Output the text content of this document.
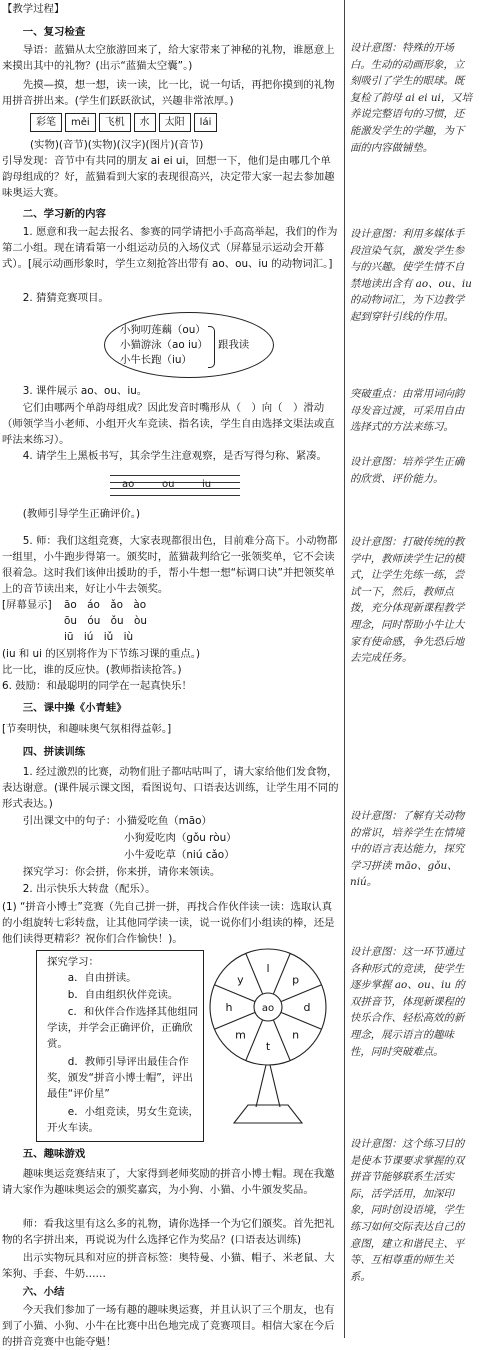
【教学过程】
一、复习检查
导语：蓝猫从太空旅游回来了，给大家带来了神秘的礼物，谁愿意上来摸出其中的礼物？(出示“蓝猫太空囊”。)
先摸—摸，想一想，读一读，比一比，说一句话，再把你摸到的礼物用拼音拼出来。(学生们跃跃欲试，兴趣非常浓厚。)
彩笔	měi	飞机	水	太阳	lái
(实物)(音节)(实物)(汉字)(图片)(音节)
引导发现：音节中有共同的朋友 ai ei ui，回想一下，他们是由哪几个单韵母组成的？好，蓝猫看到大家的表现很高兴，决定带大家一起去参加趣味奥运大赛。
二、学习新的内容
1. 愿意和我一起去报名、参赛的同学请把小手高高举起，我们的作为第二小组。现在请看第一小组运动员的入场仪式（屏幕显示运动会开幕式）。[展示动画形象时，学生立刻抢答出带有 ao、ou、iu 的动物词汇。]
2. 猜猜竞赛项目。
小狗叨莲藕（ou）
小猫游泳（ao iu）
小牛长跑（iu）
跟我读
3. 课件展示 ao、ou、iu。
它们由哪两个单韵母组成？因此发音时嘴形从（　）向（　）滑动（师领学当小老师、小组开火车竞读、指名读，学生自由选择文渠法或直呼法来练习）。
4. 请学生上黑板书写，其余学生注意观察，是否写得匀称、紧凑。
ao	ou	iu
(教师引导学生正确评价。)
5. 师：我们这组竞赛，大家表现都很出色，目前难分高下。小动物都一组里，小牛跑步得第一。颁奖时，蓝猫裁判给它一张领奖单，它不会读很着急。这时我们该伸出援助的手，帮小牛想一想“标调口诀”并把领奖单上的音节读出来，好让小牛去领奖。
[屏幕显示]	āo　áo　ǎo　ào
ōu　óu　ǒu　òu
iū　iú　iǔ　iù
(iu 和 ui 的区别将作为下节练习课的重点。)
比一比，谁的反应快。(教师指读抢答。)
6. 鼓励：和最聪明的同学在一起真快乐！
三、课中操《小青蛙》
[节奏明快，和趣味奥气氛相得益彰。]
四、拼读训练
1. 经过激烈的比赛，动物们肚子都咕咕叫了，请大家给他们发食物，表达谢意。(课件展示课文图，看图说句、口语表达训练，让学生用不同的形式表达。)
引出课文中的句子：小猫爱吃鱼（māo）
小狗爱吃肉（gǒu ròu）
小牛爱吃草（niú cǎo）
探究学习：你会拼，你来拼，请你来领读。
2. 出示快乐大转盘（配乐）。
(1) “拼音小博士”竞赛（先自己拼一拼，再找合作伙伴读一读：选取认真的小组旋转七彩转盘，让其他同学读一读，说一说你们小组读的棒，还是他们读得更精彩？祝你们合作愉快！)。
探究学习：
a．自由拼读。
b．自由组织伙伴竞读。
c．和伙伴合作选择其他组同学读，并学会正确评价，正确欣赏。
d．教师引导评出最佳合作奖，颁发“拼音小博士帽”，评出最佳“评价星”
e．小组竞读，男女生竞读，开火车读。
p
d
n
t
m
h
y
l
ao
五、趣味游戏
趣味奥运竞赛结束了，大家得到老师奖励的拼音小博士帽。现在我邀请大家作为趣味奥运会的颁奖嘉宾，为小狗、小猫、小牛颁发奖品。
师：看我这里有这么多的礼物，请你选择一个为它们颁奖。首先把礼物的名字拼出来，再说说为什么选择它作为奖品？(口语表达训练)
出示实物玩具和对应的拼音标签：奥特曼、小猫、帽子、米老鼠、大笨狗、手套、牛奶……
六、小结
今天我们参加了一场有趣的趣味奥运赛，并且认识了三个朋友，也有到了小猫、小狗、小牛在比赛中出色地完成了竞赛项目。相信大家在今后的拼音竞赛中也能夺魁！
设计意图：特殊的开场白。生动的动画形象，立刻吸引了学生的眼球。既复检了韵母 ai ei ui，又培养说完整语句的习惯，还能激发学生的学趣，为下面的内容做铺垫。
设计意图：利用多媒体手段渲染气氛，激发学生参与的兴趣。使学生情不自禁地读出含有 ao、ou、iu 的动物词汇，为下边教学起到穿针引线的作用。
突破重点：由常用词向韵母发音过渡，可采用自由选择式的方法来练习。
设计意图：培养学生正确的欣赏、评价能力。
设计意图：打破传统的教学中，教师读学生记的模式，让学生先练一练，尝试一下，然后，教师点拨，充分体现新课程教学理念，同时帮助小牛让大家有使命感，争先恐后地去完成任务。
设计意图：了解有关动物的常识，培养学生在情境中的语言表达能力，探究学习拼读 māo、gǒu、niú。
设计意图：这一环节通过各种形式的竞读，使学生逐步掌握 ao、ou、iu 的双拼音节，体现新课程的快乐合作、轻松高效的新理念，展示语言的趣味性，同时突破难点。
设计意图：这个练习目的是使本节课要求掌握的双拼音节能够联系生活实际，活学活用，加深印象，同时创设语境，学生练习如何交际表达自己的意图，建立和谐民主、平等、互相尊重的师生关系。
